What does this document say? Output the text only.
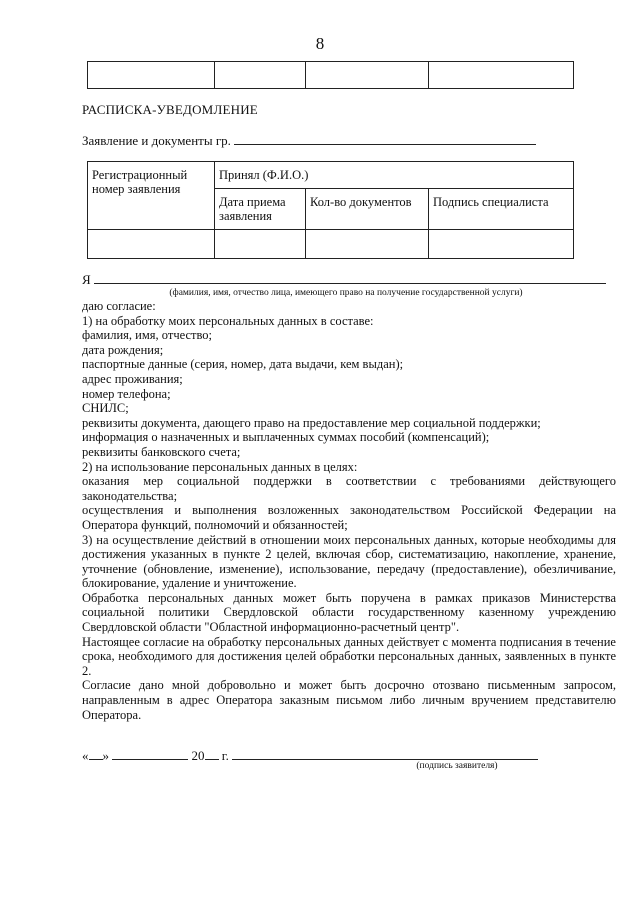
8

РАСПИСКА-УВЕДОМЛЕНИЕ
Заявление и документы гр.
Регистрационный номер заявления	Принял (Ф.И.О.)		
	Дата приема заявления	Кол-во документов	Подпись специалиста

Я
(фамилия, имя, отчество лица, имеющего право на получение государственной услуги)

даю согласие:

1) на обработку моих персональных данных в составе:

фамилия, имя, отчество;

дата рождения;

паспортные данные (серия, номер, дата выдачи, кем выдан);

адрес проживания;

номер телефона;

СНИЛС;

реквизиты документа, дающего право на предоставление мер социальной поддержки;

информация о назначенных и выплаченных суммах пособий (компенсаций);

реквизиты банковского счета;

2) на использование персональных данных в целях:

оказания мер социальной поддержки в соответствии с требованиями действующего законодательства;

осуществления и выполнения возложенных законодательством Российской Федерации на Оператора функций, полномочий и обязанностей;

3) на осуществление действий в отношении моих персональных данных, которые необходимы для достижения указанных в пункте 2 целей, включая сбор, систематизацию, накопление, хранение, уточнение (обновление, изменение), использование, передачу (предоставление), обезличивание, блокирование, удаление и уничтожение.

Обработка персональных данных может быть поручена в рамках приказов Министерства социальной политики Свердловской области государственному казенному учреждению Свердловской области "Областной информационно-расчетный центр".

Настоящее согласие на обработку персональных данных действует с момента подписания в течение срока, необходимого для достижения целей обработки персональных данных, заявленных в пункте 2.

Согласие дано мной добровольно и может быть досрочно отозвано письменным запросом, направленным в адрес Оператора заказным письмом либо личным вручением представителю Оператора.

« »	20 г.
(подпись заявителя)
